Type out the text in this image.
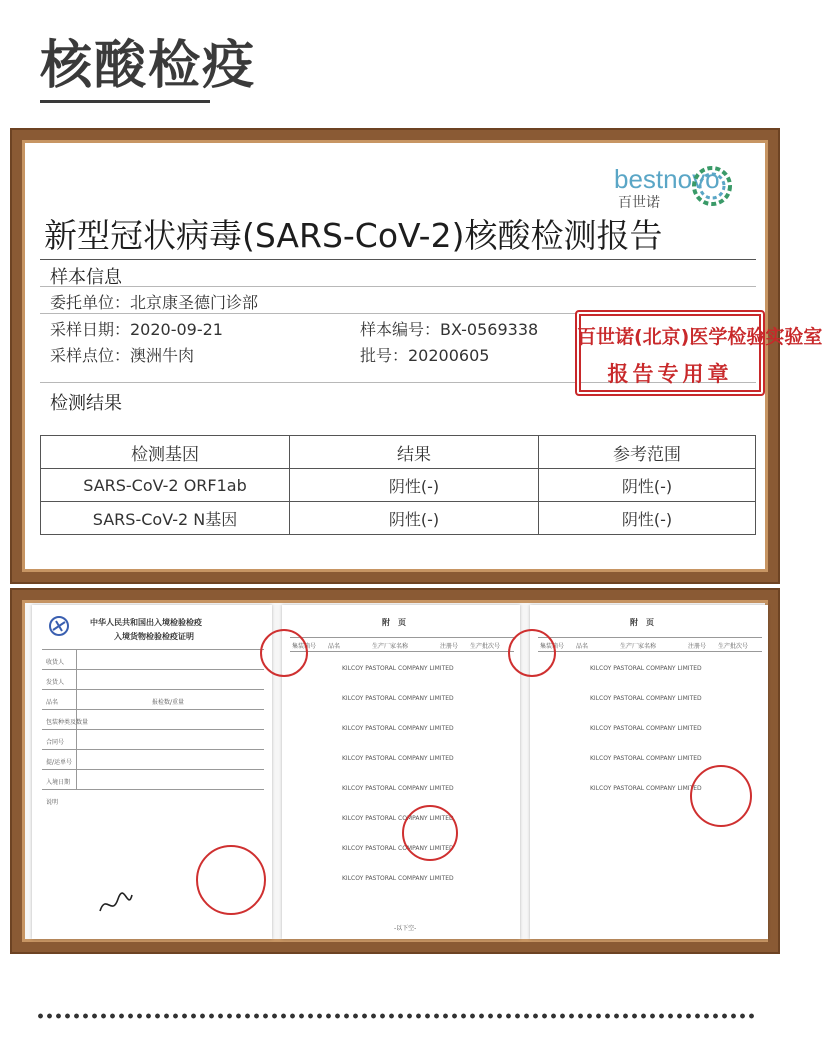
核酸检疫
bestnovo
百世诺
新型冠状病毒(SARS-CoV-2)核酸检测报告
样本信息
委托单位：北京康圣德门诊部
采样日期：2020-09-21	样本编号：BX-0569338
采样点位：澳洲牛肉	批号：20200605
检测结果
百世诺(北京)医学检验实验室
报告专用章
检测基因	结果	参考范围
SARS-CoV-2 ORF1ab	阴性(-)	阴性(-)
SARS-CoV-2 N基因	阴性(-)	阴性(-)
中华人民共和国出入境检验检疫
入境货物检验检疫证明
收货人
发货人
品名	报检数/重量
包装种类及数量
合同号
提/运单号
入境日期
说明
附　页
集装箱号 品名	生产厂家名称	注册号 生产批次号
KILCOY PASTORAL COMPANY LIMITED
KILCOY PASTORAL COMPANY LIMITED
KILCOY PASTORAL COMPANY LIMITED
KILCOY PASTORAL COMPANY LIMITED
KILCOY PASTORAL COMPANY LIMITED
KILCOY PASTORAL COMPANY LIMITED
KILCOY PASTORAL COMPANY LIMITED
KILCOY PASTORAL COMPANY LIMITED
-以下空-
附　页
集装箱号 品名	生产厂家名称	注册号 生产批次号
KILCOY PASTORAL COMPANY LIMITED
KILCOY PASTORAL COMPANY LIMITED
KILCOY PASTORAL COMPANY LIMITED
KILCOY PASTORAL COMPANY LIMITED
KILCOY PASTORAL COMPANY LIMITED
